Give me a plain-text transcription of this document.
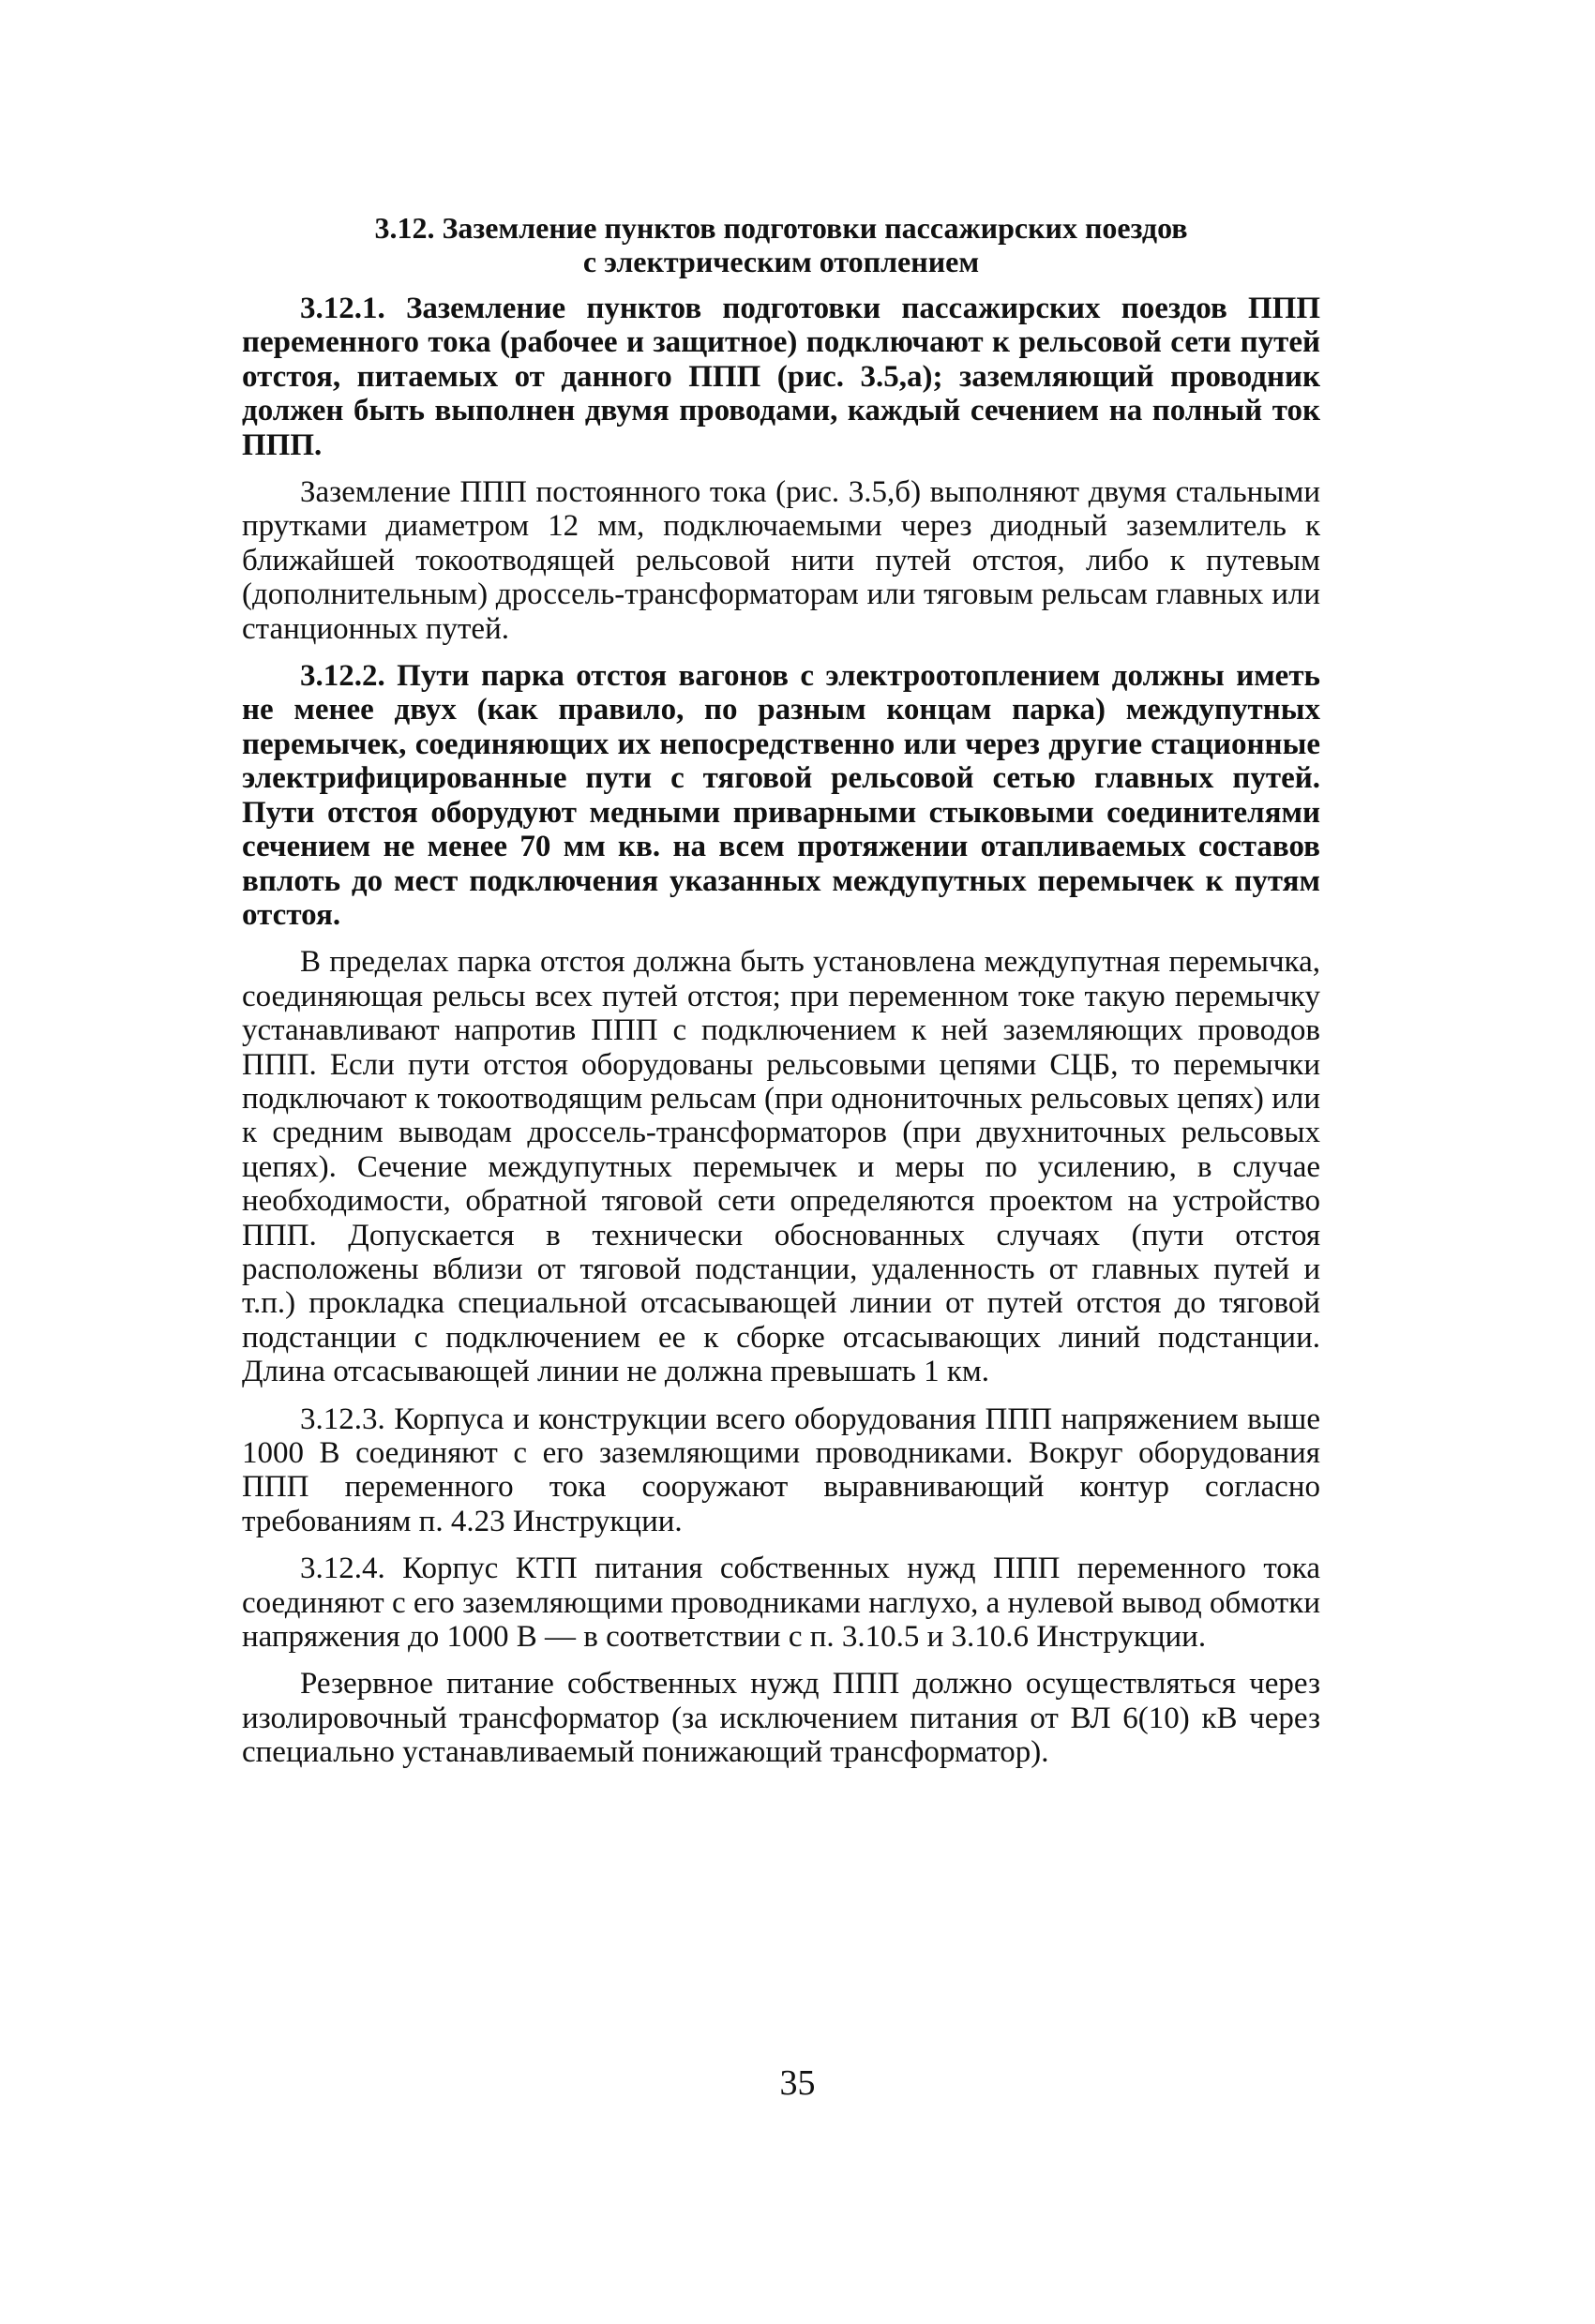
3.12. Заземление пунктов подготовки пассажирских поездов
с электрическим отоплением

3.12.1. Заземление пунктов подготовки пассажирских поездов ППП переменного тока (рабочее и защитное) подключают к рельсовой сети путей отстоя, питаемых от данного ППП (рис. 3.5,а); заземляющий проводник должен быть выполнен двумя проводами, каждый сечением на полный ток ППП.

Заземление ППП постоянного тока (рис. 3.5,б) выполняют двумя стальными прутками диаметром 12 мм, подключаемыми через диодный заземлитель к ближайшей токоотводящей рельсовой нити путей отстоя, либо к путевым (дополнительным) дроссель-трансформаторам или тяговым рельсам главных или станционных путей.

3.12.2. Пути парка отстоя вагонов с электроотоплением должны иметь не менее двух (как правило, по разным концам парка) междупутных перемычек, соединяющих их непосредственно или через другие стационные электрифицированные пути с тяговой рельсовой сетью главных путей. Пути отстоя оборудуют медными приварными стыковыми соединителями сечением не менее 70 мм кв. на всем протяжении отапливаемых составов вплоть до мест подключения указанных междупутных перемычек к путям отстоя.

В пределах парка отстоя должна быть установлена междупутная перемычка, соединяющая рельсы всех путей отстоя; при переменном токе такую перемычку устанавливают напротив ППП с подключением к ней заземляющих проводов ППП. Если пути отстоя оборудованы рельсовыми цепями СЦБ, то перемычки подключают к токоотводящим рельсам (при однониточных рельсовых цепях) или к средним выводам дроссель-трансформаторов (при двухниточных рельсовых цепях). Сечение междупутных перемычек и меры по усилению, в случае необходимости, обратной тяговой сети определяются проектом на устройство ППП. Допускается в технически обоснованных случаях (пути отстоя расположены вблизи от тяговой подстанции, удаленность от главных путей и т.п.) прокладка специальной отсасывающей линии от путей отстоя до тяговой подстанции с подключением ее к сборке отсасывающих линий подстанции. Длина отсасывающей линии не должна превышать 1 км.

3.12.3. Корпуса и конструкции всего оборудования ППП напряжением выше 1000 В соединяют с его заземляющими проводниками. Вокруг оборудования ППП переменного тока сооружают выравнивающий контур согласно требованиям п. 4.23 Инструкции.

3.12.4. Корпус КТП питания собственных нужд ППП переменного тока соединяют с его заземляющими проводниками наглухо, а нулевой вывод обмотки напряжения до 1000 В — в соответствии с п. 3.10.5 и 3.10.6 Инструкции.

Резервное питание собственных нужд ППП должно осуществляться через изолировочный трансформатор (за исключением питания от ВЛ 6(10) кВ через специально устанавливаемый понижающий трансформатор).

35
